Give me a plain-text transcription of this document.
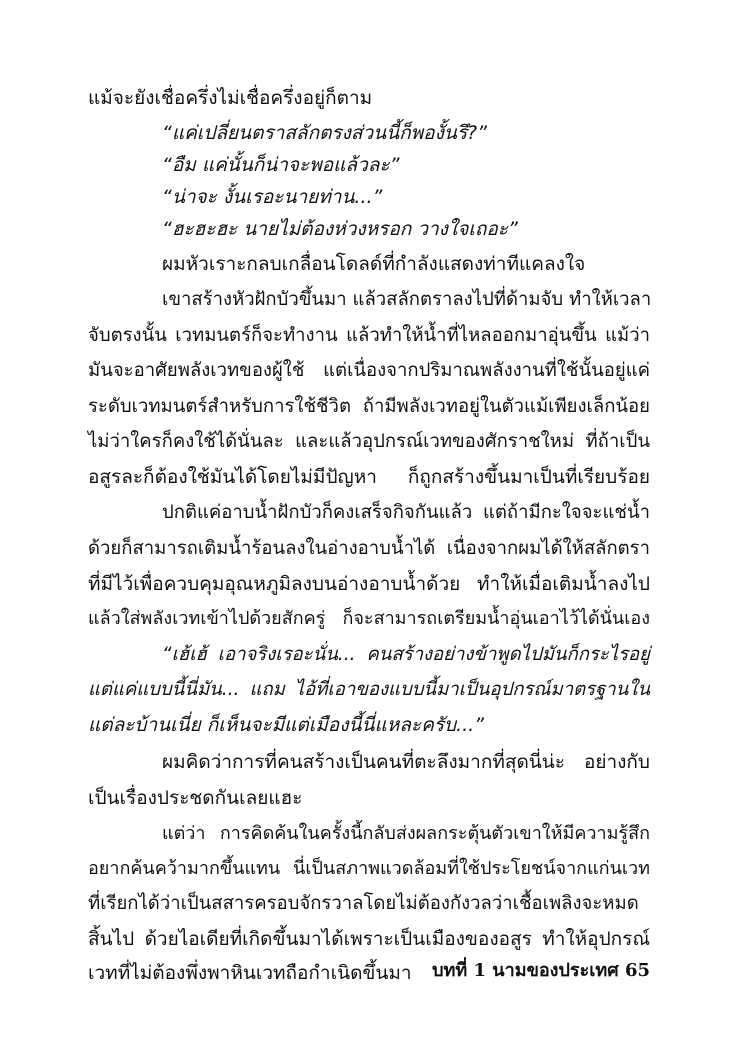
แม้จะยังเชื่อครึ่งไม่เชื่อครึ่งอยู่ก็ตาม
“แค่เปลี่ยนตราสลักตรงส่วนนี้ก็พองั้นรึ?”
“อืม แค่นั้นก็น่าจะพอแล้วละ”
“น่าจะ งั้นเรอะนายท่าน...”
“ฮะฮะฮะ นายไม่ต้องห่วงหรอก วางใจเถอะ”
ผมหัวเราะกลบเกลื่อนโดลด์ที่กำลังแสดงท่าทีแคลงใจ
เขาสร้างหัวฝักบัวขึ้นมา แล้วสลักตราลงไปที่ด้ามจับ ทำให้เวลา
จับตรงนั้น เวทมนตร์ก็จะทำงาน แล้วทำให้น้ำที่ไหลออกมาอุ่นขึ้น แม้ว่า
มันจะอาศัยพลังเวทของผู้ใช้ แต่เนื่องจากปริมาณพลังงานที่ใช้นั้นอยู่แค่
ระดับเวทมนตร์สำหรับการใช้ชีวิต ถ้ามีพลังเวทอยู่ในตัวแม้เพียงเล็กน้อย
ไม่ว่าใครก็คงใช้ได้นั่นละ และแล้วอุปกรณ์เวทของศักราชใหม่ ที่ถ้าเป็น
อสูรละก็ต้องใช้มันได้โดยไม่มีปัญหา ก็ถูกสร้างขึ้นมาเป็นที่เรียบร้อย
ปกติแค่อาบน้ำฝักบัวก็คงเสร็จกิจกันแล้ว แต่ถ้ามีกะใจจะแช่น้ำ
ด้วยก็สามารถเติมน้ำร้อนลงในอ่างอาบน้ำได้ เนื่องจากผมได้ให้สลักตรา
ที่มีไว้เพื่อควบคุมอุณหภูมิลงบนอ่างอาบน้ำด้วย ทำให้เมื่อเติมน้ำลงไป
แล้วใส่พลังเวทเข้าไปด้วยสักครู่ ก็จะสามารถเตรียมน้ำอุ่นเอาไว้ได้นั่นเอง
“เฮ้เฮ้ เอาจริงเรอะนั่น... คนสร้างอย่างข้าพูดไปมันก็กระไรอยู่
แต่แค่แบบนี้นี่มัน... แถม ไอ้ที่เอาของแบบนี้มาเป็นอุปกรณ์มาตรฐานใน
แต่ละบ้านเนี่ย ก็เห็นจะมีแต่เมืองนี้นี่แหละครับ...”
ผมคิดว่าการที่คนสร้างเป็นคนที่ตะลึงมากที่สุดนี่น่ะ อย่างกับ
เป็นเรื่องประชดกันเลยแฮะ
แต่ว่า การคิดค้นในครั้งนี้กลับส่งผลกระตุ้นตัวเขาให้มีความรู้สึก
อยากค้นคว้ามากขึ้นแทน นี่เป็นสภาพแวดล้อมที่ใช้ประโยชน์จากแก่นเวท
ที่เรียกได้ว่าเป็นสสารครอบจักรวาลโดยไม่ต้องกังวลว่าเชื้อเพลิงจะหมด
สิ้นไป ด้วยไอเดียที่เกิดขึ้นมาได้เพราะเป็นเมืองของอสูร ทำให้อุปกรณ์
เวทที่ไม่ต้องพึ่งพาหินเวทถือกำเนิดขึ้นมา	บทที่ 1 นามของประเทศ 65
